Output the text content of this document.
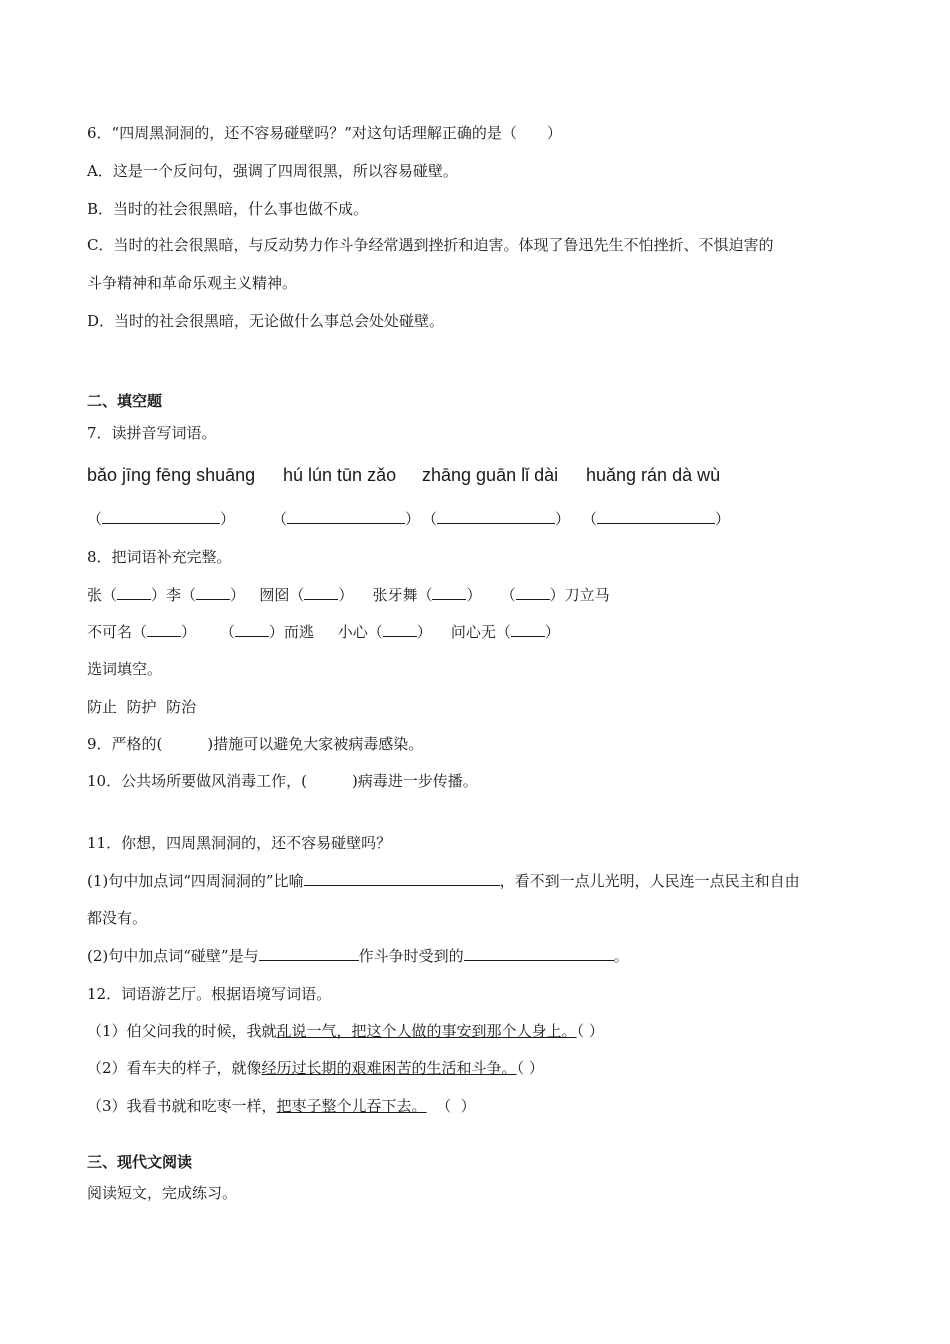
6．“四周黑洞洞的，还不容易碰壁吗？”对这句话理解正确的是（　　）
A．这是一个反问句，强调了四周很黑，所以容易碰壁。
B．当时的社会很黑暗，什么事也做不成。
C．当时的社会很黑暗，与反动势力作斗争经常遇到挫折和迫害。体现了鲁迅先生不怕挫折、不惧迫害的
斗争精神和革命乐观主义精神。
D．当时的社会很黑暗，无论做什么事总会处处碰壁。
二、填空题
7．读拼音写词语。
bǎo jīng fēng shuāng hú lún tūn zǎo zhāng guān lǐ dài huǎng rán dà wù
（	） （	） （	） （	）
8．把词语补充完整。
张（ ）李（ ） 囫囵（ ） 张牙舞（ ） （ ）刀立马
不可名（ ） （ ）而逃 小心（ ） 问心无（ ）
选词填空。
防止  防护  防治
9．严格的(　　　)措施可以避免大家被病毒感染。
10．公共场所要做风消毒工作，(　　　)病毒进一步传播。
11．你想，四周黑洞洞的，还不容易碰壁吗？
(1)句中加点词“四周洞洞的”比喻	，看不到一点儿光明，人民连一点民主和自由
都没有。
(2)句中加点词“碰壁”是与	作斗争时受到的	。
12．词语游艺厅。根据语境写词语。
（1）伯父问我的时候，我就乱说一气，把这个人做的事安到那个人身上。（ ）
（2）看车夫的样子，就像经历过长期的艰难困苦的生活和斗争。（ ）
（3）我看书就和吃枣一样，把枣子整个儿吞下去。  （  ）
三、现代文阅读
阅读短文，完成练习。
